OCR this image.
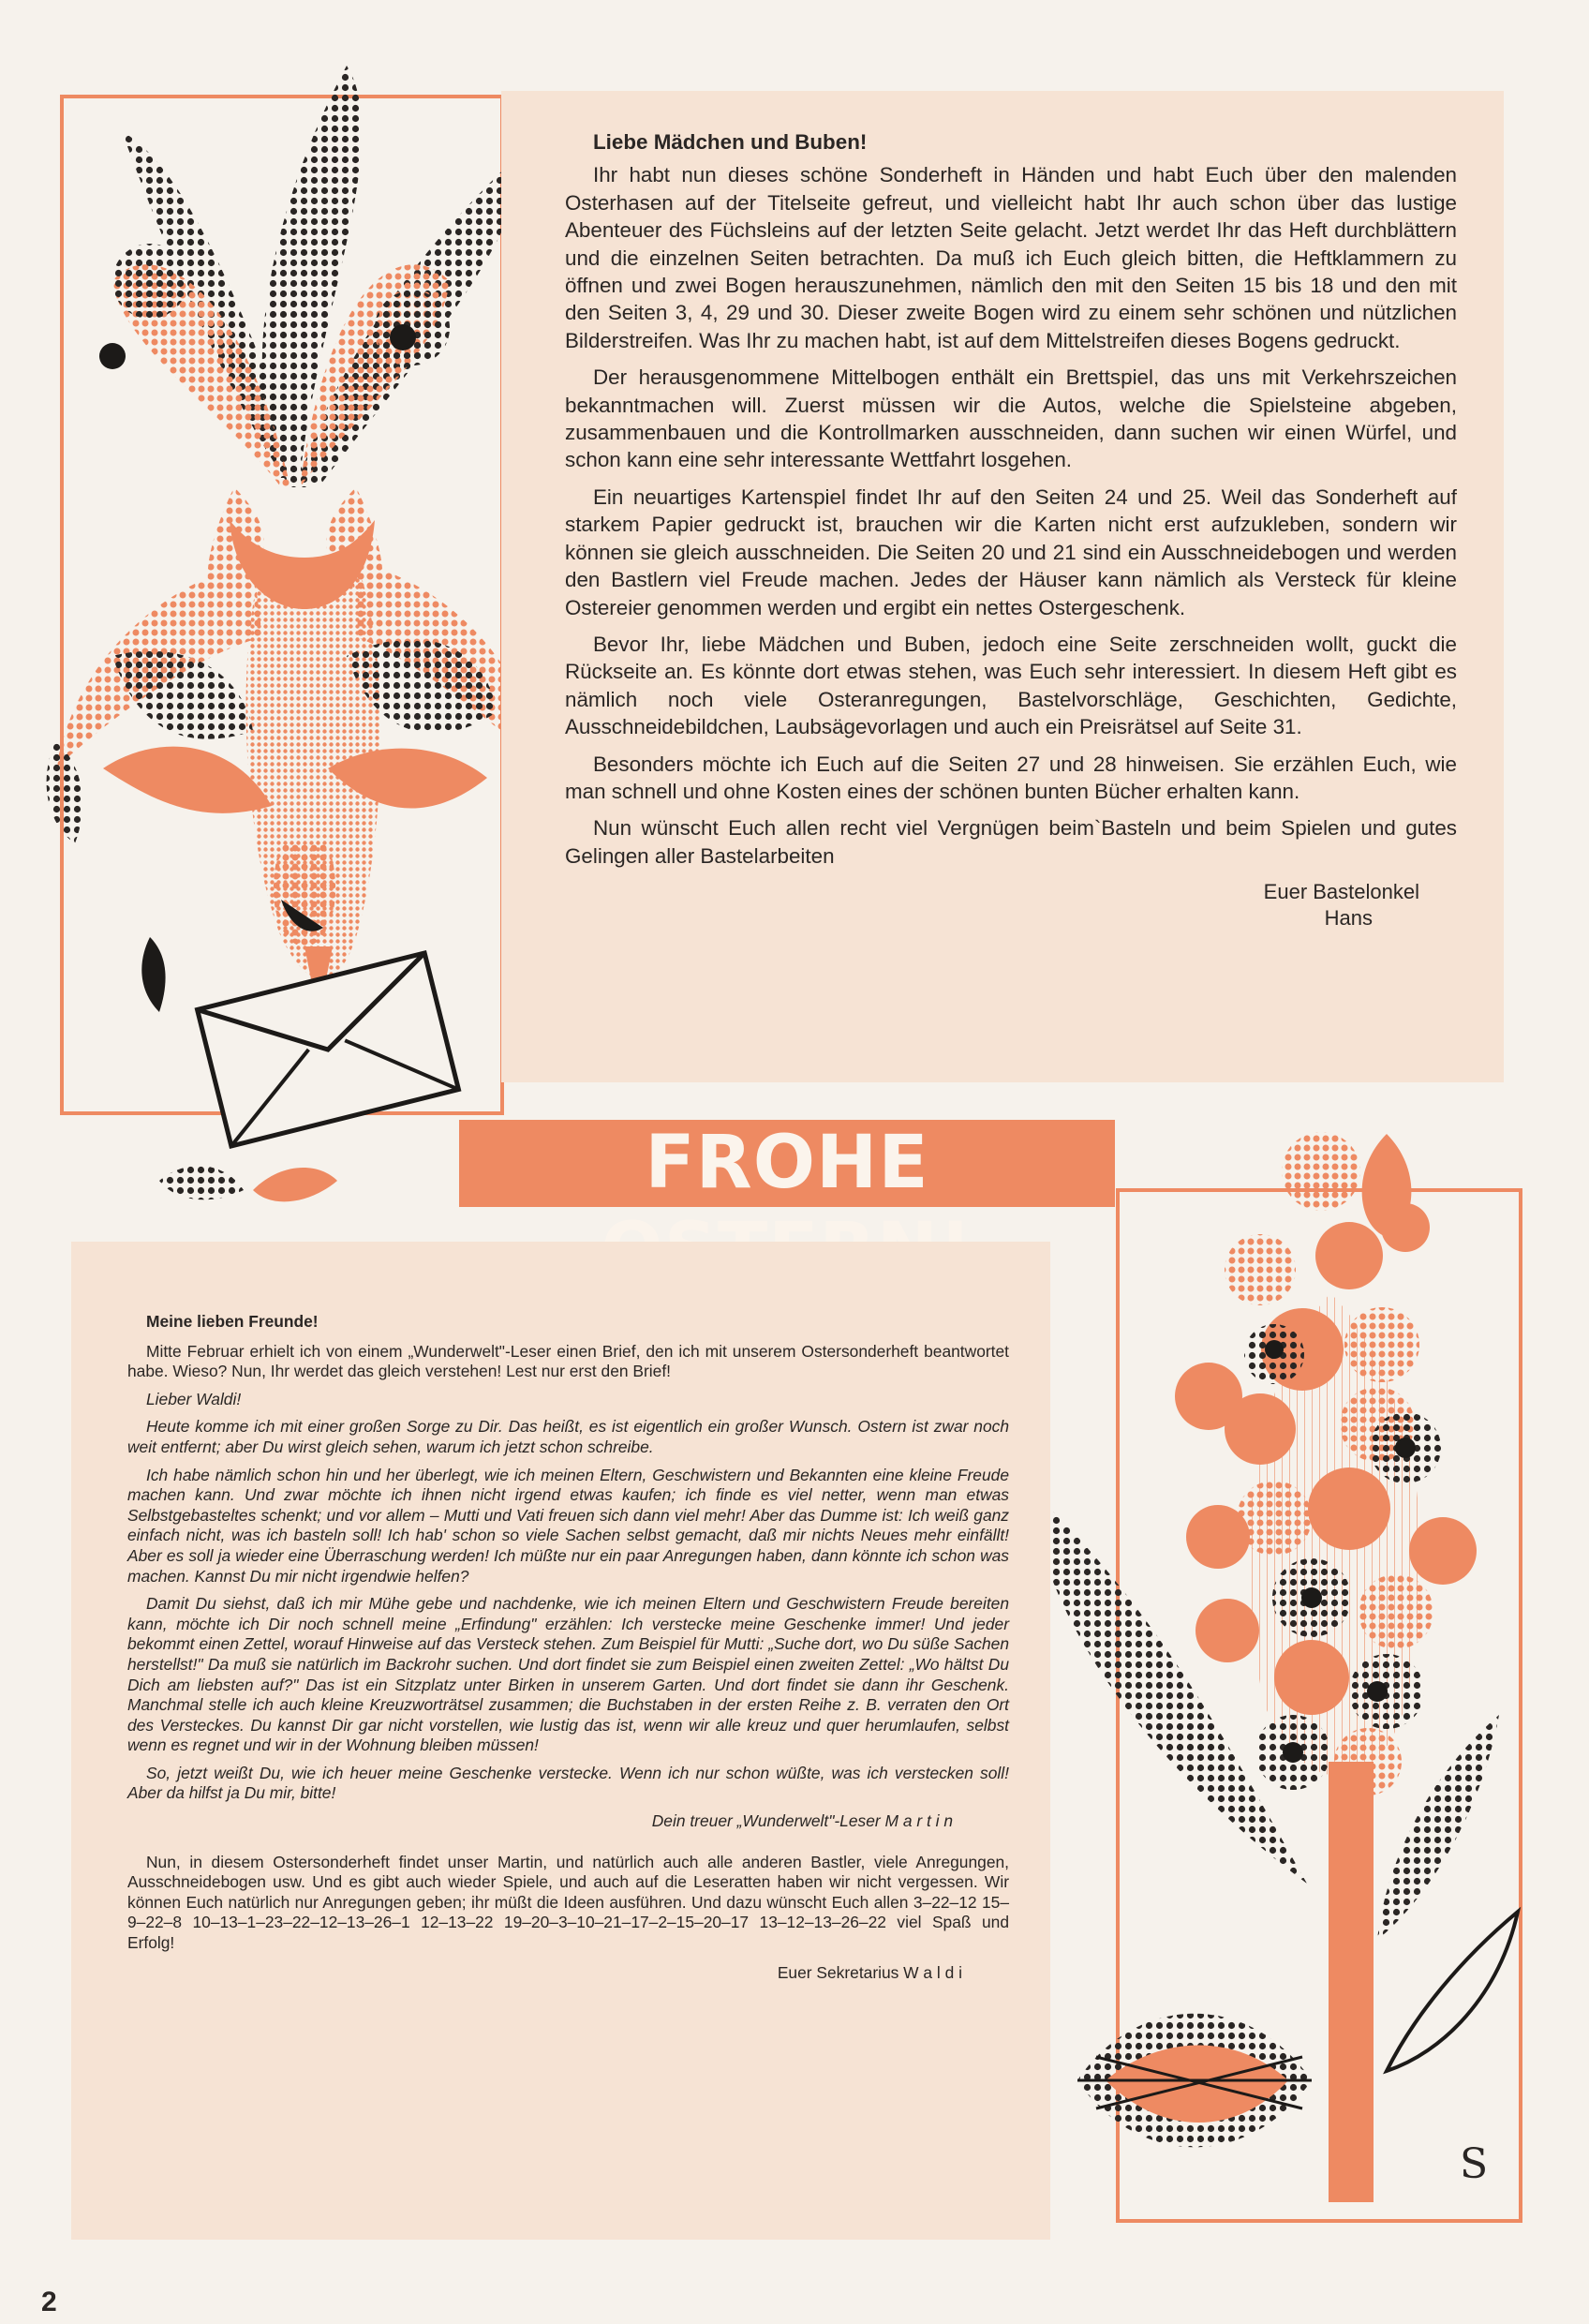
Liebe Mädchen und Buben!

Ihr habt nun dieses schöne Sonderheft in Händen und habt Euch über den malenden Osterhasen auf der Titelseite gefreut, und vielleicht habt Ihr auch schon über das lustige Abenteuer des Füchsleins auf der letzten Seite gelacht. Jetzt werdet Ihr das Heft durchblättern und die einzelnen Seiten betrachten. Da muß ich Euch gleich bitten, die Heftklammern zu öffnen und zwei Bogen herauszunehmen, nämlich den mit den Seiten 15 bis 18 und den mit den Seiten 3, 4, 29 und 30. Dieser zweite Bogen wird zu einem sehr schönen und nützlichen Bilderstreifen. Was Ihr zu machen habt, ist auf dem Mittelstreifen dieses Bogens gedruckt.

Der herausgenommene Mittelbogen enthält ein Brettspiel, das uns mit Verkehrszeichen bekanntmachen will. Zuerst müssen wir die Autos, welche die Spielsteine abgeben, zusammenbauen und die Kontrollmarken ausschneiden, dann suchen wir einen Würfel, und schon kann eine sehr interessante Wettfahrt losgehen.

Ein neuartiges Kartenspiel findet Ihr auf den Seiten 24 und 25. Weil das Sonderheft auf starkem Papier gedruckt ist, brauchen wir die Karten nicht erst aufzukleben, sondern wir können sie gleich ausschneiden. Die Seiten 20 und 21 sind ein Ausschneidebogen und werden den Bastlern viel Freude machen. Jedes der Häuser kann nämlich als Versteck für kleine Ostereier genommen werden und ergibt ein nettes Ostergeschenk.

Bevor Ihr, liebe Mädchen und Buben, jedoch eine Seite zerschneiden wollt, guckt die Rückseite an. Es könnte dort etwas stehen, was Euch sehr interessiert. In diesem Heft gibt es nämlich noch viele Osteranregungen, Bastelvorschläge, Geschichten, Gedichte, Ausschneidebildchen, Laubsägevorlagen und auch ein Preisrätsel auf Seite 31.

Besonders möchte ich Euch auf die Seiten 27 und 28 hinweisen. Sie erzählen Euch, wie man schnell und ohne Kosten eines der schönen bunten Bücher erhalten kann.

Nun wünscht Euch allen recht viel Vergnügen beim`Basteln und beim Spielen und gutes Gelingen aller Bastelarbeiten

Euer Bastelonkel
Hans
FROHE

Meine lieben Freunde!

Mitte Februar erhielt ich von einem „Wunderwelt"-Leser einen Brief, den ich mit unserem Ostersonderheft beantwortet habe. Wieso? Nun, Ihr werdet das gleich verstehen! Lest nur erst den Brief!

Lieber Waldi!

Heute komme ich mit einer großen Sorge zu Dir. Das heißt, es ist eigentlich ein großer Wunsch. Ostern ist zwar noch weit entfernt; aber Du wirst gleich sehen, warum ich jetzt schon schreibe.

Ich habe nämlich schon hin und her überlegt, wie ich meinen Eltern, Geschwistern und Bekannten eine kleine Freude machen kann. Und zwar möchte ich ihnen nicht irgend etwas kaufen; ich finde es viel netter, wenn man etwas Selbstgebasteltes schenkt; und vor allem – Mutti und Vati freuen sich dann viel mehr! Aber das Dumme ist: Ich weiß ganz einfach nicht, was ich basteln soll! Ich hab' schon so viele Sachen selbst gemacht, daß mir nichts Neues mehr einfällt! Aber es soll ja wieder eine Überraschung werden! Ich müßte nur ein paar Anregungen haben, dann könnte ich schon was machen. Kannst Du mir nicht irgendwie helfen?

Damit Du siehst, daß ich mir Mühe gebe und nachdenke, wie ich meinen Eltern und Geschwistern Freude bereiten kann, möchte ich Dir noch schnell meine „Erfindung" erzählen: Ich verstecke meine Geschenke immer! Und jeder bekommt einen Zettel, worauf Hinweise auf das Versteck stehen. Zum Beispiel für Mutti: „Suche dort, wo Du süße Sachen herstellst!" Da muß sie natürlich im Backrohr suchen. Und dort findet sie zum Beispiel einen zweiten Zettel: „Wo hältst Du Dich am liebsten auf?" Das ist ein Sitzplatz unter Birken in unserem Garten. Und dort findet sie dann ihr Geschenk. Manchmal stelle ich auch kleine Kreuzworträtsel zusammen; die Buchstaben in der ersten Reihe z. B. verraten den Ort des Versteckes. Du kannst Dir gar nicht vorstellen, wie lustig das ist, wenn wir alle kreuz und quer herumlaufen, selbst wenn es regnet und wir in der Wohnung bleiben müssen!

So, jetzt weißt Du, wie ich heuer meine Geschenke verstecke. Wenn ich nur schon wüßte, was ich verstecken soll! Aber da hilfst ja Du mir, bitte!

Dein treuer „Wunderwelt"-Leser M a r t i n

Nun, in diesem Ostersonderheft findet unser Martin, und natürlich auch alle anderen Bastler, viele Anregungen, Ausschneidebogen usw. Und es gibt auch wieder Spiele, und auch auf die Leseratten haben wir nicht vergessen. Wir können Euch natürlich nur Anregungen geben; ihr müßt die Ideen ausführen. Und dazu wünscht Euch allen 3–22–12 15–9–22–8 10–13–1–23–22–12–13–26–1 12–13–22 19–20–3–10–21–17–2–15–20–17 13–12–13–26–22 viel Spaß und Erfolg!

Euer Sekretarius W a l d i

S
2
